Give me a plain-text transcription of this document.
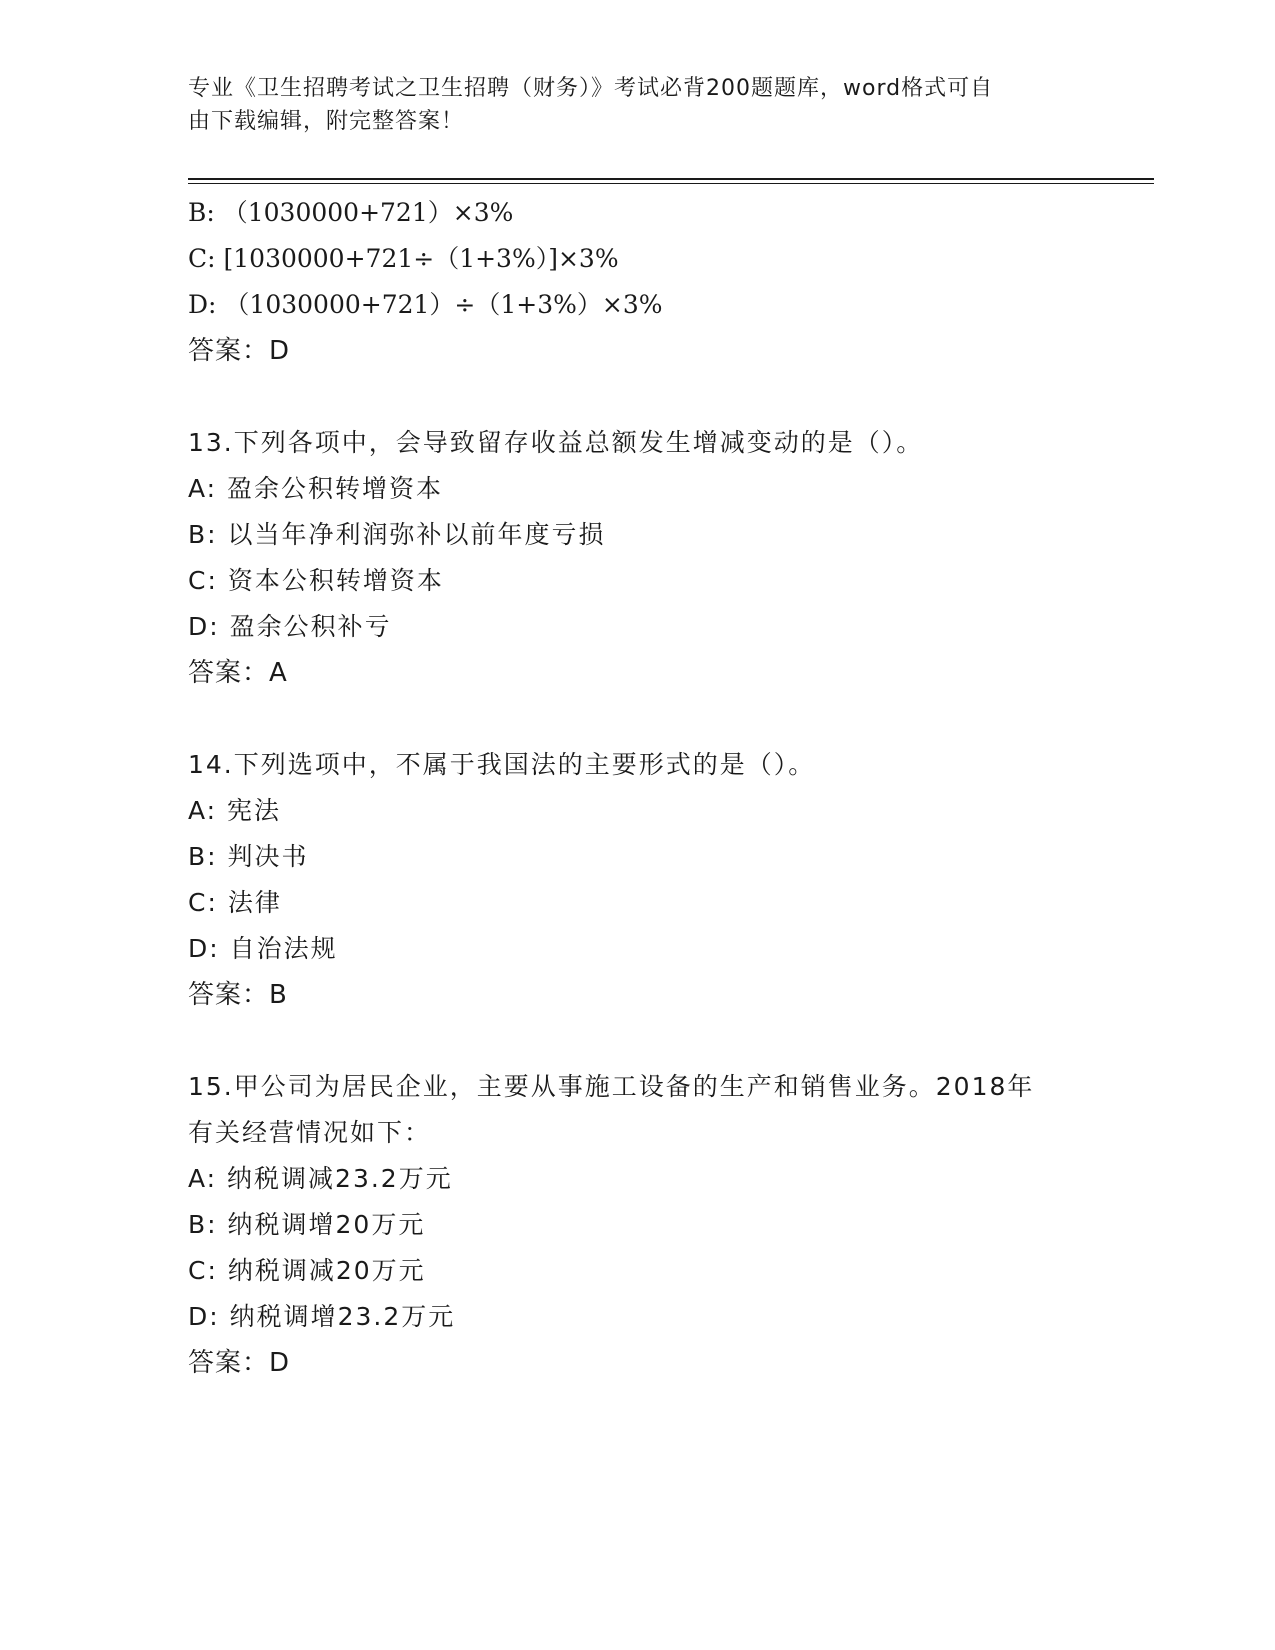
专业《卫生招聘考试之卫生招聘（财务）》考试必背200题题库，word格式可自
由下载编辑，附完整答案！
B: （1030000+721）×3%
C: [1030000+721÷（1+3%）]×3%
D: （1030000+721）÷（1+3%）×3%
答案：D
13.下列各项中，会导致留存收益总额发生增减变动的是（）。
A: 盈余公积转增资本
B: 以当年净利润弥补以前年度亏损
C: 资本公积转增资本
D: 盈余公积补亏
答案：A
14.下列选项中，不属于我国法的主要形式的是（）。
A: 宪法
B: 判决书
C: 法律
D: 自治法规
答案：B
15.甲公司为居民企业，主要从事施工设备的生产和销售业务。2018年
有关经营情况如下：
A: 纳税调减23.2万元
B: 纳税调增20万元
C: 纳税调减20万元
D: 纳税调增23.2万元
答案：D
